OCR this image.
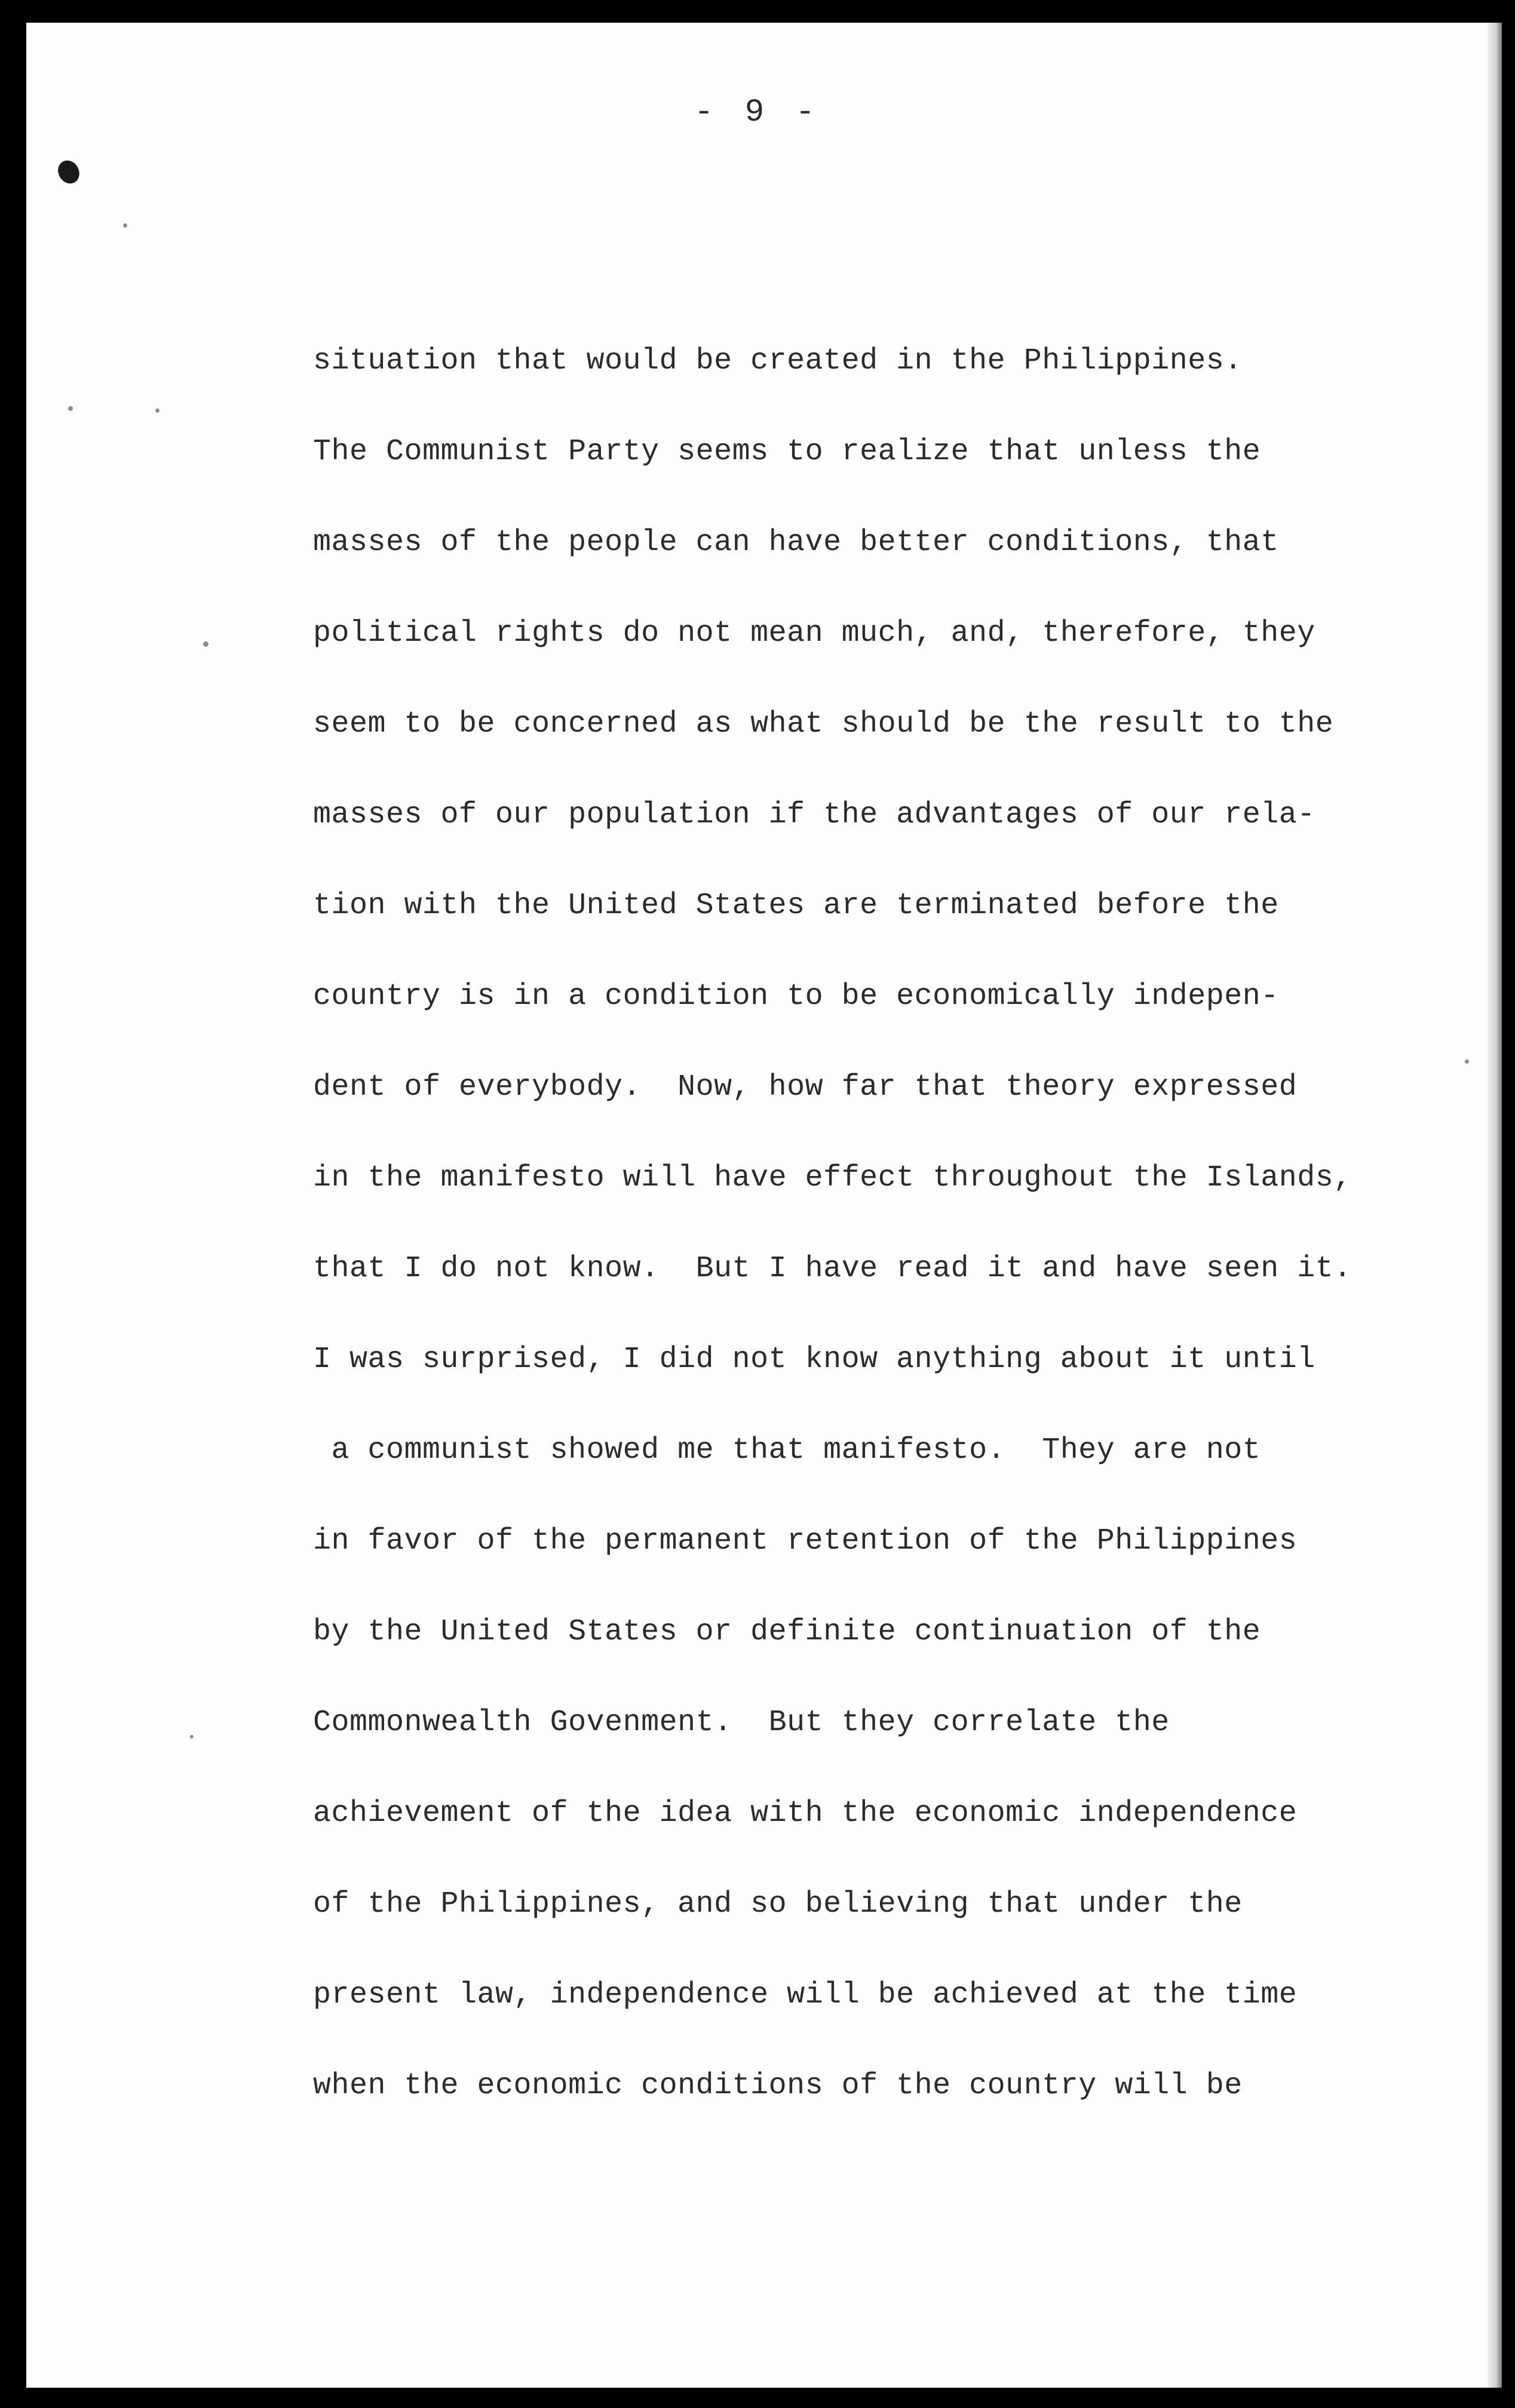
- 9 -
situation that would be created in the Philippines.
The Communist Party seems to realize that unless the
masses of the people can have better conditions, that
political rights do not mean much, and, therefore, they
seem to be concerned as what should be the result to the
masses of our population if the advantages of our rela-
tion with the United States are terminated before the
country is in a condition to be economically indepen-
dent of everybody.  Now, how far that theory expressed
in the manifesto will have effect throughout the Islands,
that I do not know.  But I have read it and have seen it.
I was surprised, I did not know anything about it until
a communist showed me that manifesto.  They are not
in favor of the permanent retention of the Philippines
by the United States or definite continuation of the
Commonwealth Govenment.  But they correlate the
achievement of the idea with the economic independence
of the Philippines, and so believing that under the
present law, independence will be achieved at the time
when the economic conditions of the country will be
